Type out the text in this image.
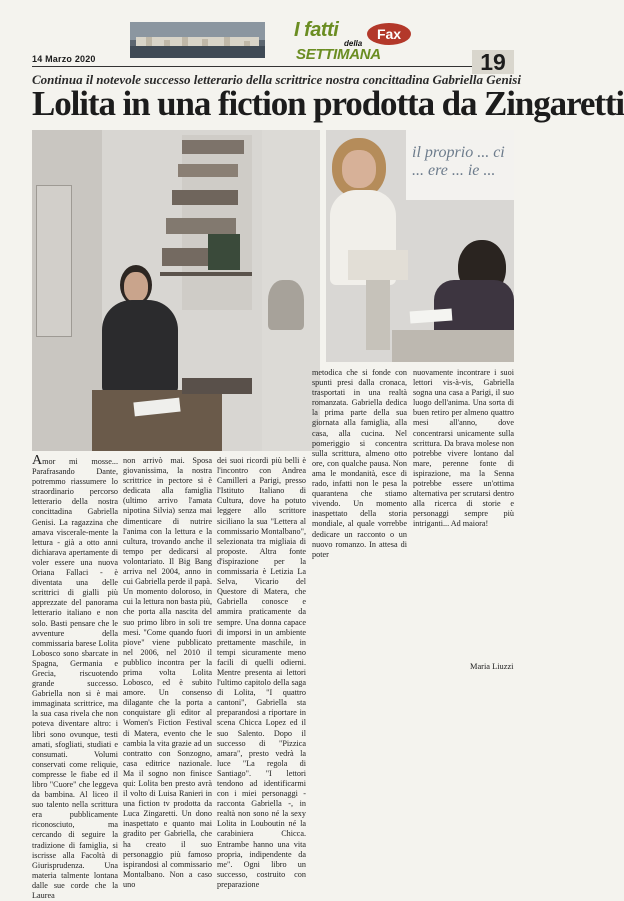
14 Marzo 2020
I fatti	Fax
della
SETTIMANA	19
Continua il notevole successo letterario della scrittrice nostra concittadina Gabriella Genisi
Lolita in una fiction prodotta da Zingaretti
il proprio ... ci ... ere ... ie ...

Amor mi mosse... Parafrasando Dante, potremmo riassumere lo straordinario percorso letterario della nostra concittadina Gabriella Genisi. La ragazzina che amava viscerale-mente la lettura - già a otto anni dichiarava apertamente di voler essere una nuova Oriana Fallaci - è diventata una delle scrittrici di gialli più apprezzate del panorama letterario italiano e non solo. Basti pensare che le avventure della commissaria barese Lolita Lobosco sono sbarcate in Spagna, Germania e Grecia, riscuotendo grande successo. Gabriella non si è mai immaginata scrittrice, ma la sua casa rivela che non poteva diventare altro: i libri sono ovunque, testi amati, sfogliati, studiati e consumati. Volumi conservati come reliquie, compresse le fiabe ed il libro "Cuore" che leggeva da bambina. Al liceo il suo talento nella scrittura era pubblicamente riconosciuto, ma cercando di seguire la tradizione di famiglia, si iscrisse alla Facoltà di Giurisprudenza. Una materia talmente lontana dalle sue corde che la Laurea

non arrivò mai. Sposa giovanissima, la nostra scrittrice in pectore si è dedicata alla famiglia (ultimo arrivo l'amata nipotina Silvia) senza mai dimenticare di nutrire l'anima con la lettura e la cultura, trovando anche il tempo per dedicarsi al volontariato. Il Big Bang arriva nel 2004, anno in cui Gabriella perde il papà. Un momento doloroso, in cui la lettura non basta più, che porta alla nascita del suo primo libro in soli tre mesi. "Come quando fuori piove" viene pubblicato nel 2006, nel 2010 il pubblico incontra per la prima volta Lolita Lobosco, ed è subito amore. Un consenso dilagante che la porta a conquistare gli editor al Women's Fiction Festival di Matera, evento che le cambia la vita grazie ad un contratto con Sonzogno, casa editrice nazionale. Ma il sogno non finisce qui: Lolita ben presto avrà il volto di Luisa Ranieri in una fiction tv prodotta da Luca Zingaretti. Un dono inaspettato e quanto mai gradito per Gabriella, che ha creato il suo personaggio più famoso ispirandosi al commissario Montalbano. Non a caso uno

dei suoi ricordi più belli è l'incontro con Andrea Camilleri a Parigi, presso l'Istituto Italiano di Cultura, dove ha potuto leggere allo scrittore siciliano la sua "Lettera al commissario Montalbano", selezionata tra migliaia di proposte. Altra fonte d'ispirazione per la commissaria è Letizia La Selva, Vicario del Questore di Matera, che Gabriella conosce e ammira praticamente da sempre. Una donna capace di imporsi in un ambiente prettamente maschile, in tempi sicuramente meno facili di quelli odierni. Mentre presenta ai lettori l'ultimo capitolo della saga di Lolita, "I quattro cantoni", Gabriella sta preparandosi a riportare in scena Chicca Lopez ed il suo Salento. Dopo il successo di "Pizzica amara", presto vedrà la luce "La regola di Santiago". "I lettori tendono ad identificarmi con i miei personaggi - racconta Gabriella -, in realtà non sono né la sexy Lolita in Louboutin né la carabiniera Chicca. Entrambe hanno una vita propria, indipendente da me". Ogni libro un successo, costruito con preparazione

metodica che si fonde con spunti presi dalla cronaca, trasportati in una realtà romanzata. Gabriella dedica la prima parte della sua giornata alla famiglia, alla casa, alla cucina. Nel pomeriggio si concentra sulla scrittura, almeno otto ore, con qualche pausa. Non ama le mondanità, esce di rado, infatti non le pesa la quarantena che stiamo vivendo. Un momento inaspettato della storia mondiale, al quale vorrebbe dedicare un racconto o un nuovo romanzo. In attesa di poter

nuovamente incontrare i suoi lettori vis-à-vis, Gabriella sogna una casa a Parigi, il suo luogo dell'anima. Una sorta di buen retiro per almeno quattro mesi all'anno, dove concentrarsi unicamente sulla scrittura. Da brava molese non potrebbe vivere lontano dal mare, perenne fonte di ispirazione, ma la Senna potrebbe essere un'ottima alternativa per scrutarsi dentro alla ricerca di storie e personaggi sempre più intriganti... Ad maiora!

Maria Liuzzi
